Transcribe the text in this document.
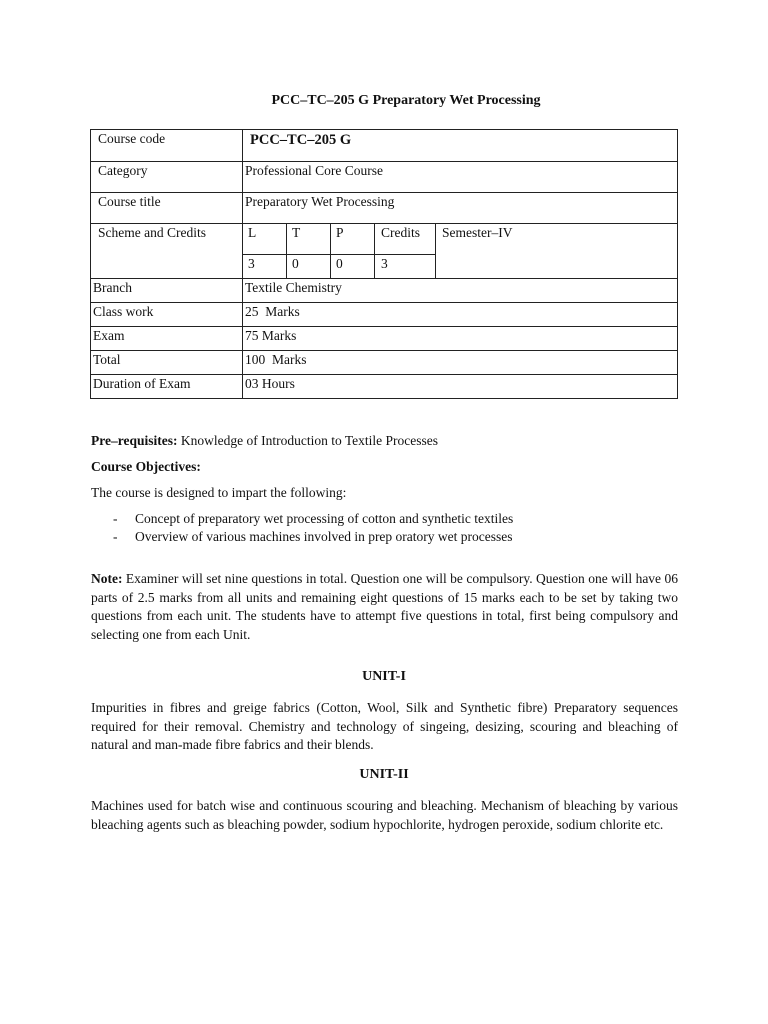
PCC–TC–205 G Preparatory Wet Processing
Course code	PCC–TC–205 G				
Category	Professional Core Course				
Course title	Preparatory Wet Processing				
Scheme and Credits	L	T	P	Credits	Semester–IV
	3	0	0	3	
Branch	Textile Chemistry				
Class work	25  Marks				
Exam	75 Marks				
Total	100  Marks				
Duration of Exam	03 Hours				
Pre–requisites: Knowledge of Introduction to Textile Processes
Course Objectives:
The course is designed to impart the following:
- Concept of preparatory wet processing of cotton and synthetic textiles
- Overview of various machines involved in prep oratory wet processes
Note: Examiner will set nine questions in total. Question one will be compulsory. Question one will have 06 parts of 2.5 marks from all units and remaining eight questions of 15 marks each to be set by taking two questions from each unit. The students have to attempt five questions in total, first being compulsory and selecting one from each Unit.
UNIT-I
Impurities in fibres and greige fabrics (Cotton, Wool, Silk and Synthetic fibre) Preparatory sequences required for their removal. Chemistry and technology of singeing, desizing, scouring and bleaching of natural and man-made fibre fabrics and their blends.
UNIT-II
Machines used for batch wise and continuous scouring and bleaching. Mechanism of bleaching by various bleaching agents such as bleaching powder, sodium hypochlorite, hydrogen peroxide, sodium chlorite etc.
